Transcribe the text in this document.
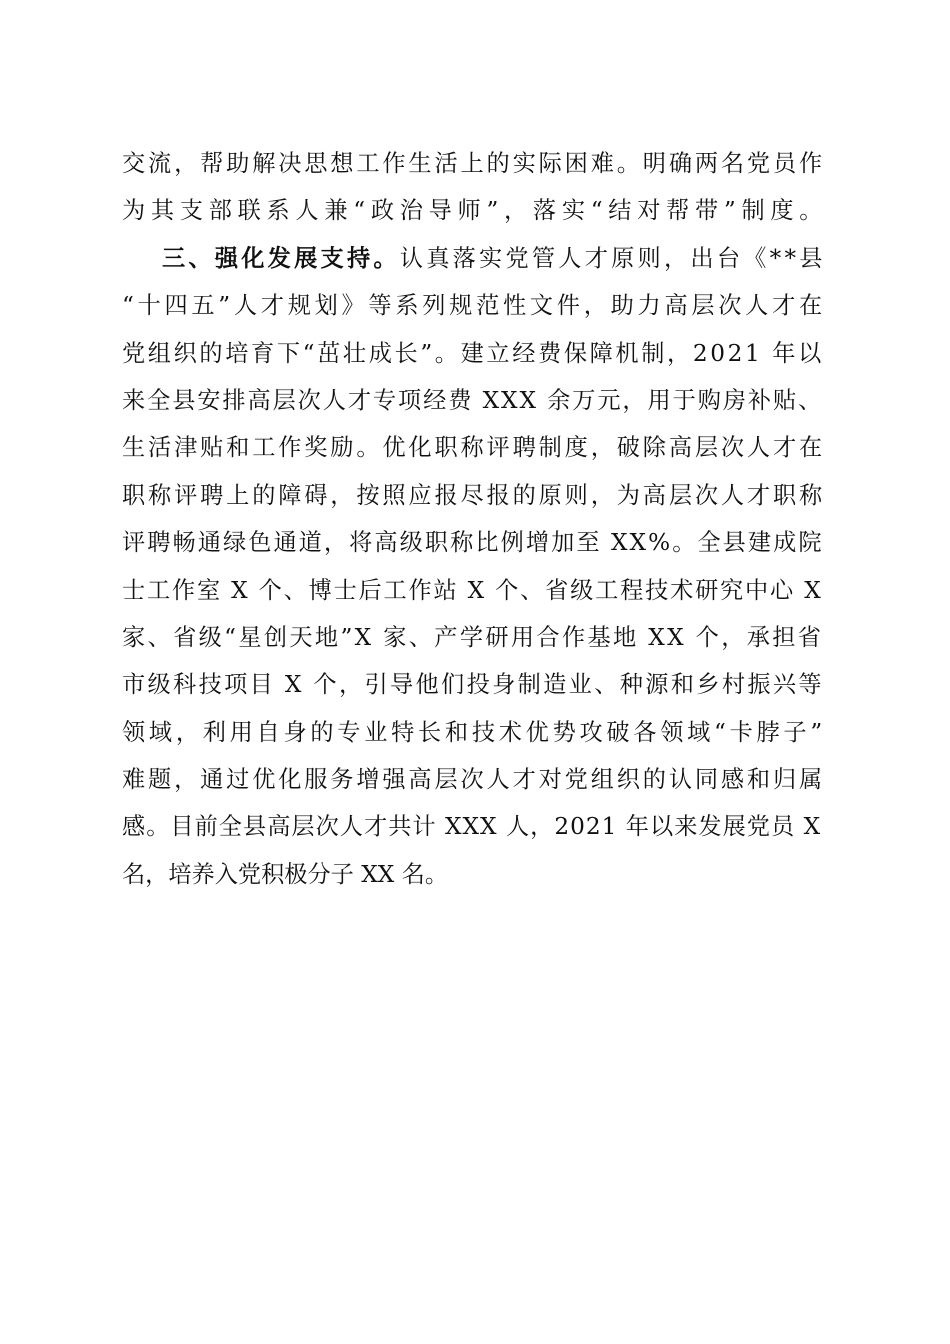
交流，帮助解决思想工作生活上的实际困难。明确两名党员作
为其支部联系人兼“政治导师”，落实“结对帮带”制度。
三、强化发展支持。认真落实党管人才原则，出台《**县
“十四五”人才规划》等系列规范性文件，助力高层次人才在
党组织的培育下“茁壮成长”。建立经费保障机制，2021 年以
来全县安排高层次人才专项经费 XXX 余万元，用于购房补贴、
生活津贴和工作奖励。优化职称评聘制度，破除高层次人才在
职称评聘上的障碍，按照应报尽报的原则，为高层次人才职称
评聘畅通绿色通道，将高级职称比例增加至 XX%。全县建成院
士工作室 X 个、博士后工作站 X 个、省级工程技术研究中心 X
家、省级“星创天地”X 家、产学研用合作基地 XX 个，承担省
市级科技项目 X 个，引导他们投身制造业、种源和乡村振兴等
领域，利用自身的专业特长和技术优势攻破各领域“卡脖子”
难题，通过优化服务增强高层次人才对党组织的认同感和归属
感。目前全县高层次人才共计 XXX 人，2021 年以来发展党员 X
名，培养入党积极分子 XX 名。
